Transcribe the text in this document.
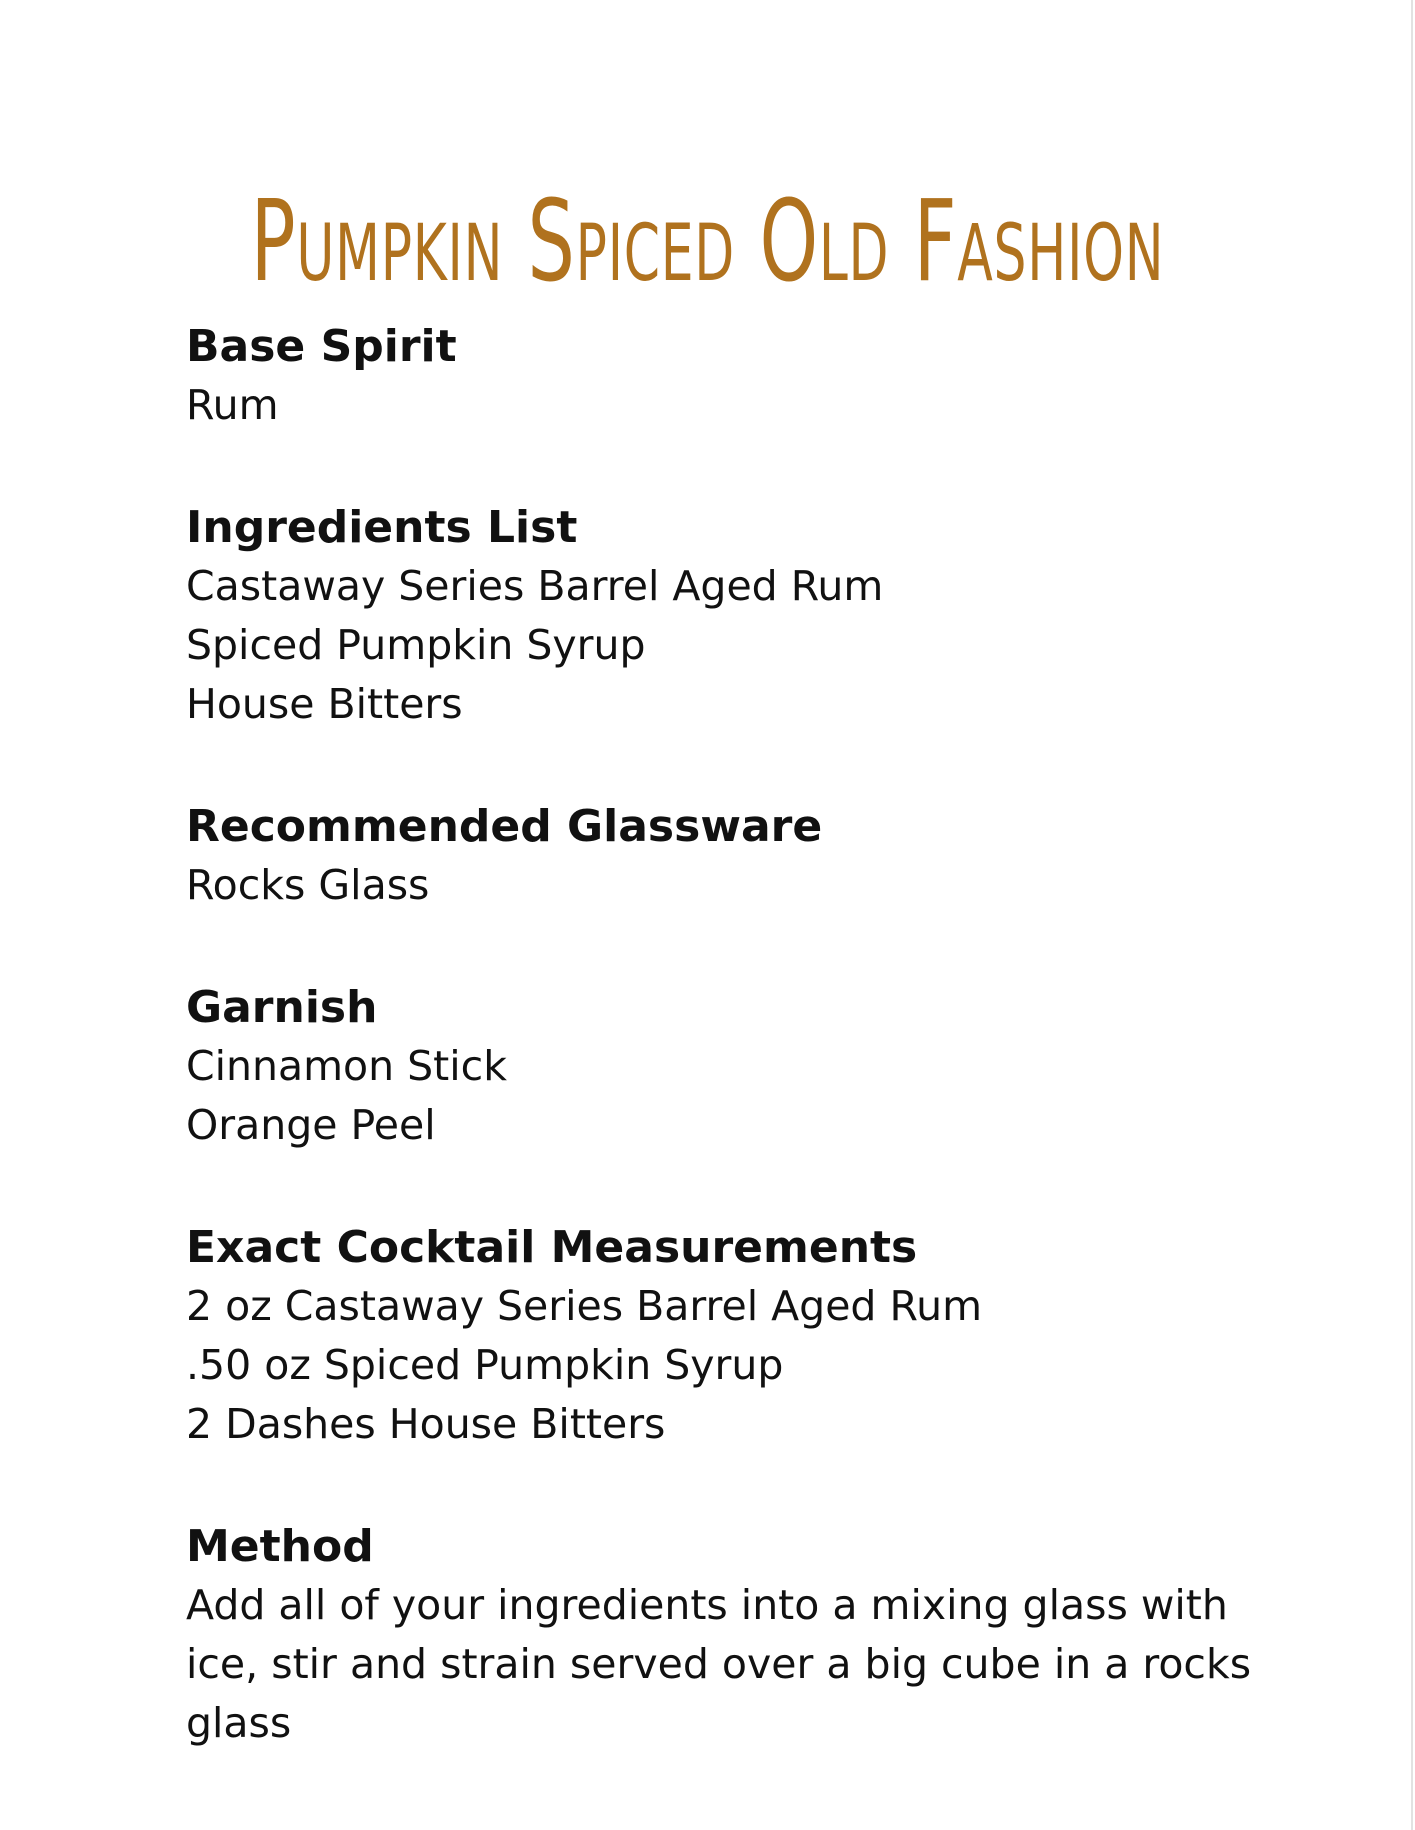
Pumpkin Spiced Old Fashion

Base Spirit

Rum

Ingredients List

Castaway Series Barrel Aged Rum

Spiced Pumpkin Syrup

House Bitters

Recommended Glassware

Rocks Glass

Garnish

Cinnamon Stick

Orange Peel

Exact Cocktail Measurements

2 oz Castaway Series Barrel Aged Rum

.50 oz Spiced Pumpkin Syrup

2 Dashes House Bitters

Method

Add all of your ingredients into a mixing glass with

ice, stir and strain served over a big cube in a rocks

glass
